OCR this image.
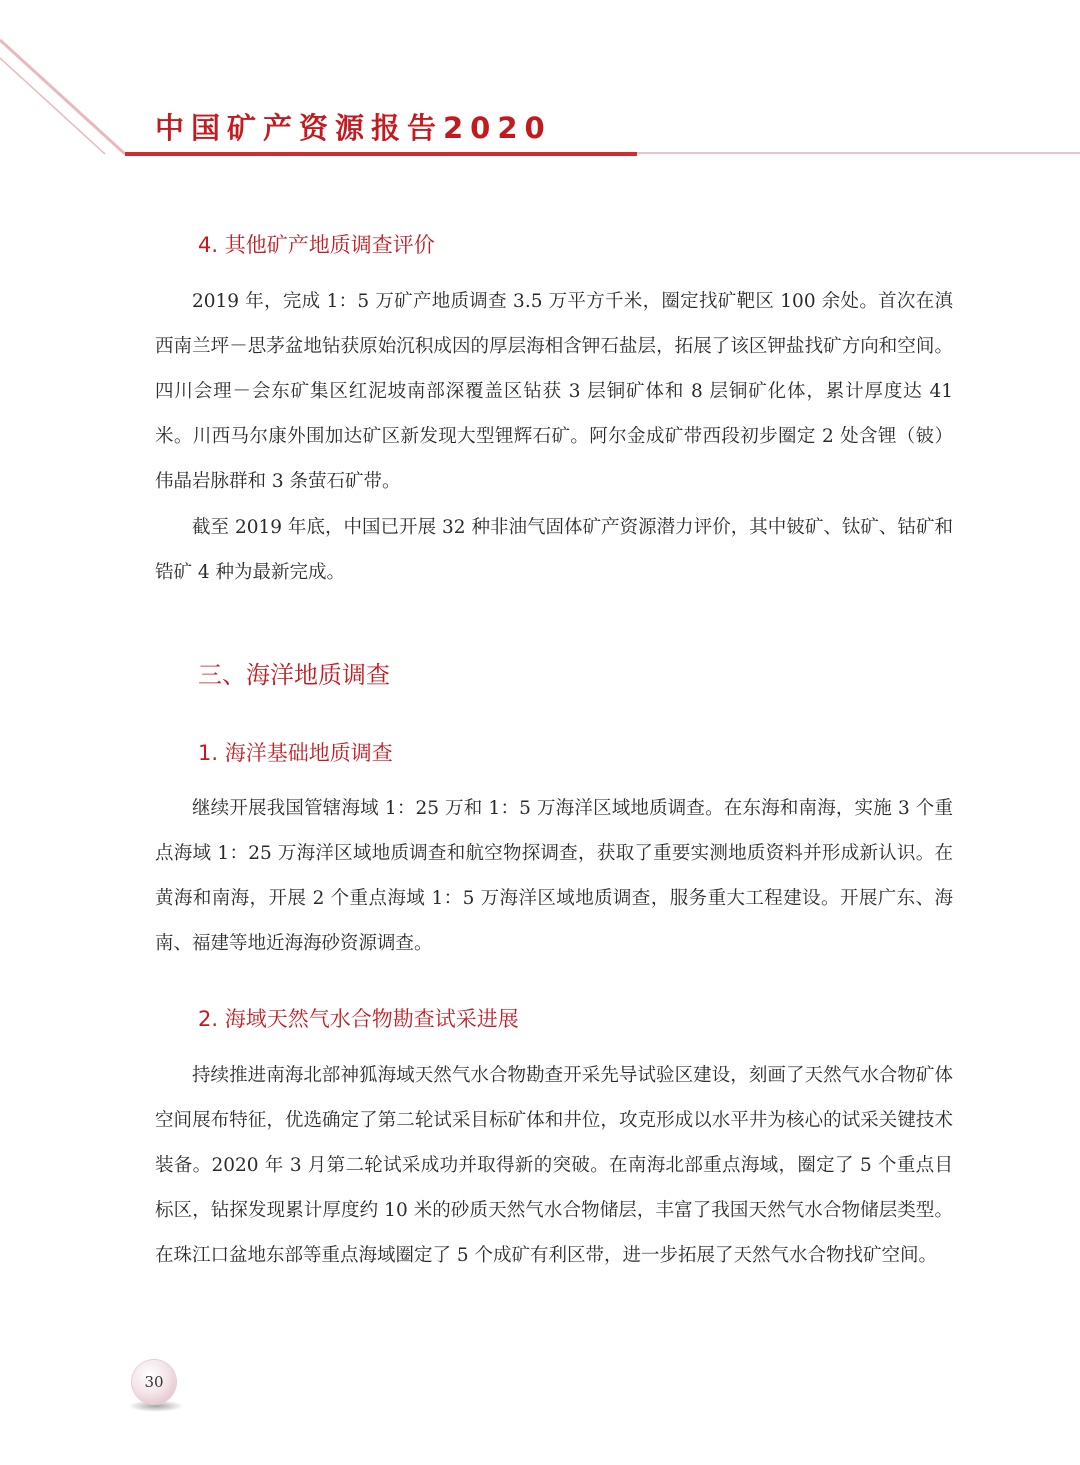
中国矿产资源报告2020
4. 其他矿产地质调查评价

2019 年，完成 1：5 万矿产地质调查 3.5 万平方千米，圈定找矿靶区 100 余处。首次在滇西南兰坪－思茅盆地钻获原始沉积成因的厚层海相含钾石盐层，拓展了该区钾盐找矿方向和空间。四川会理－会东矿集区红泥坡南部深覆盖区钻获 3 层铜矿体和 8 层铜矿化体，累计厚度达 41 米。川西马尔康外围加达矿区新发现大型锂辉石矿。阿尔金成矿带西段初步圈定 2 处含锂（铍）伟晶岩脉群和 3 条萤石矿带。

截至 2019 年底，中国已开展 32 种非油气固体矿产资源潜力评价，其中铍矿、钛矿、钴矿和锆矿 4 种为最新完成。

三、海洋地质调查
1. 海洋基础地质调查

继续开展我国管辖海域 1：25 万和 1：5 万海洋区域地质调查。在东海和南海，实施 3 个重点海域 1：25 万海洋区域地质调查和航空物探调查，获取了重要实测地质资料并形成新认识。在黄海和南海，开展 2 个重点海域 1：5 万海洋区域地质调查，服务重大工程建设。开展广东、海南、福建等地近海海砂资源调查。

2. 海域天然气水合物勘查试采进展

持续推进南海北部神狐海域天然气水合物勘查开采先导试验区建设，刻画了天然气水合物矿体空间展布特征，优选确定了第二轮试采目标矿体和井位，攻克形成以水平井为核心的试采关键技术装备。2020 年 3 月第二轮试采成功并取得新的突破。在南海北部重点海域，圈定了 5 个重点目标区，钻探发现累计厚度约 10 米的砂质天然气水合物储层，丰富了我国天然气水合物储层类型。在珠江口盆地东部等重点海域圈定了 5 个成矿有利区带，进一步拓展了天然气水合物找矿空间。

30
